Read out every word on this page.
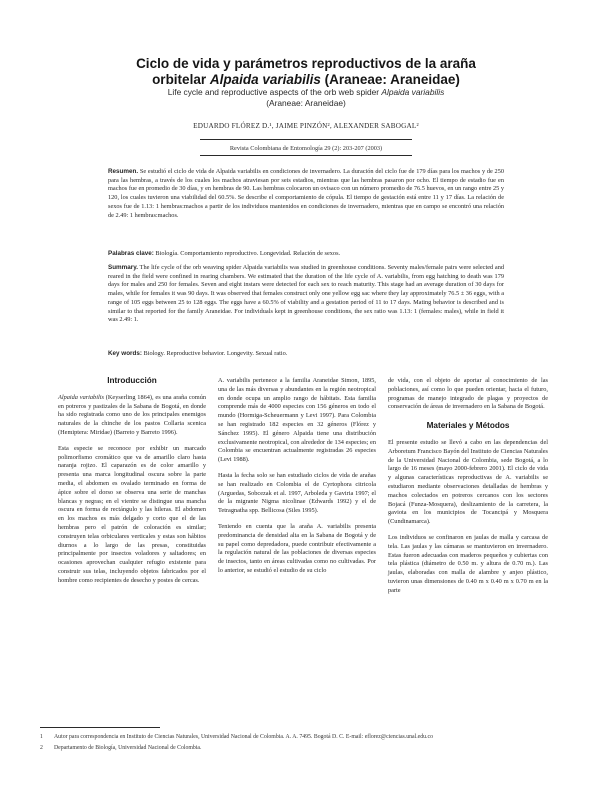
Ciclo de vida y parámetros reproductivos de la araña
orbitelar Alpaida variabilis (Araneae: Araneidae)
Life cycle and reproductive aspects of the orb web spider Alpaida variabilis
(Araneae: Araneidae)
EDUARDO FLÓREZ D.¹, JAIME PINZÓN², ALEXANDER SABOGAL²
Revista Colombiana de Entomología 29 (2): 203-207 (2003)
Resumen. Se estudió el ciclo de vida de Alpaida variabilis en condiciones de invernadero. La duración del ciclo fue de 179 días para los machos y de 250 para las hembras, a través de los cuales los machos atraviesan por seis estadios, mientras que las hembras pasaron por ocho. El tiempo de estadio fue en machos fue en promedio de 30 días, y en hembras de 90. Las hembras colocaron un ovisaco con un número promedio de 76.5 huevos, en un rango entre 25 y 120, los cuales tuvieron una viabilidad del 60.5%. Se describe el comportamiento de cópula. El tiempo de gestación está entre 11 y 17 días. La relación de sexos fue de 1.13: 1 hembras:machos a partir de los individuos mantenidos en condiciones de invernadero, mientras que en campo se encontró una relación de 2.49: 1 hembras:machos.
Palabras clave: Biología. Comportamiento reproductivo. Longevidad. Relación de sexos.
Summary. The life cycle of the orb weaving spider Alpaida variabilis was studied in greenhouse conditions. Seventy males/female pairs were selected and reared in the field were confined in rearing chambers. We estimated that the duration of the life cycle of A. variabilis, from egg hatching to death was 179 days for males and 250 for females. Seven and eight instars were detected for each sex to reach maturity. This stage had an average duration of 30 days for males, while for females it was 90 days. It was observed that females construct only one yellow egg sac where they lay approximately 76.5 ± 36 eggs, with a range of 105 eggs between 25 to 128 eggs. The eggs have a 60.5% of viability and a gestation period of 11 to 17 days. Mating behavior is described and is similar to that reported for the family Araneidae. For individuals kept in greenhouse conditions, the sex ratio was 1.13: 1 (females: males), while in field it was 2.49: 1.
Key words: Biology. Reproductive behavior. Longevity. Sexual ratio.
Introducción

Alpaida variabilis (Keyserling 1864), es una araña común en potreros y pastizales de la Sabana de Bogotá, en donde ha sido registrada como uno de los principales enemigos naturales de la chinche de los pastos Collaria scenica (Hemiptera: Miridae) (Barreto y Barreto 1996).

Esta especie se reconoce por exhibir un marcado polimorfismo cromático que va de amarillo claro hasta naranja rojizo. El caparazón es de color amarillo y presenta una marca longitudinal oscura sobre la parte media, el abdomen es ovalado terminado en forma de ápice sobre el dorso se observa una serie de manchas blancas y negras; en el vientre se distingue una mancha oscura en forma de rectángulo y las hileras. El abdomen en los machos es más delgado y corto que el de las hembras pero el patrón de coloración es similar; construyen telas orbiculares verticales y estas son hábitos diurnos a lo largo de las presas, constituidas principalmente por insectos voladores y saltadores; en ocasiones aprovechan cualquier refugio existente para construir sus telas, incluyendo objetos fabricados por el hombre como recipientes de desecho y postes de cercas.

A. variabilis pertenece a la familia Araneidae Simon, 1895, una de las más diversas y abundantes en la región neotropical en donde ocupa un amplio rango de hábitats. Esta familia comprende más de 4000 especies con 156 géneros en todo el mundo (Hormiga-Scheuermann y Levi 1997). Para Colombia se han registrado 182 especies en 32 géneros (Flórez y Sánchez 1995). El género Alpaida tiene una distribución exclusivamente neotropical, con alrededor de 134 especies; en Colombia se encuentran actualmente registradas 26 especies (Levi 1988).

Hasta la fecha solo se han estudiado ciclos de vida de arañas se han realizado en Colombia el de Cyrtophora citricola (Arguedas, Sobcezak et al. 1997, Arboleda y Gaviria 1997; el de la migrante Nigma nicolinae (Edwards 1992) y el de Tetragnatha spp. Bellicosa (Siles 1995).

Teniendo en cuenta que la araña A. variabilis presenta predominancia de densidad alta en la Sabana de Bogotá y de su papel como depredadora, puede contribuir efectivamente a la regulación natural de las poblaciones de diversas especies de insectos, tanto en áreas cultivadas como no cultivadas. Por lo anterior, se estudió el estudio de su ciclo

de vida, con el objeto de aportar al conocimiento de las poblaciones, así como lo que pueden orientar, hacia el futuro, programas de manejo integrado de plagas y proyectos de conservación de áreas de invernadero en la Sabana de Bogotá.

Materiales y Métodos

El presente estudio se llevó a cabo en las dependencias del Arboretum Francisco Bayón del Instituto de Ciencias Naturales de la Universidad Nacional de Colombia, sede Bogotá, a lo largo de 16 meses (mayo 2000-febrero 2001). El ciclo de vida y algunas características reproductivas de A. variabilis se estudiaron mediante observaciones detalladas de hembras y machos colectados en potreros cercanos con los sectores Bojacá (Funza-Mosquera), deslizamiento de la carretera, la gaviota en los municipios de Tocancipá y Mosquera (Cundinamarca).

Los individuos se confinaron en jaulas de malla y carcasa de tela. Las jaulas y las cámaras se mantuvieron en invernadero. Estas fueron adecuadas con maderos pequeños y cubiertas con tela plástica (diámetro de 0.50 m. y altura de 0.70 m.). Las jaulas, elaboradas con malla de alambre y anjeo plástico, tuvieron unas dimensiones de 0.40 m x 0.40 m x 0.70 m en la parte

1 Autor para correspondencia en Instituto de Ciencias Naturales, Universidad Nacional de Colombia. A. A. 7495. Bogotá D. C. E-mail: eflorez@ciencias.unal.edu.co
2 Departamento de Biología, Universidad Nacional de Colombia.
